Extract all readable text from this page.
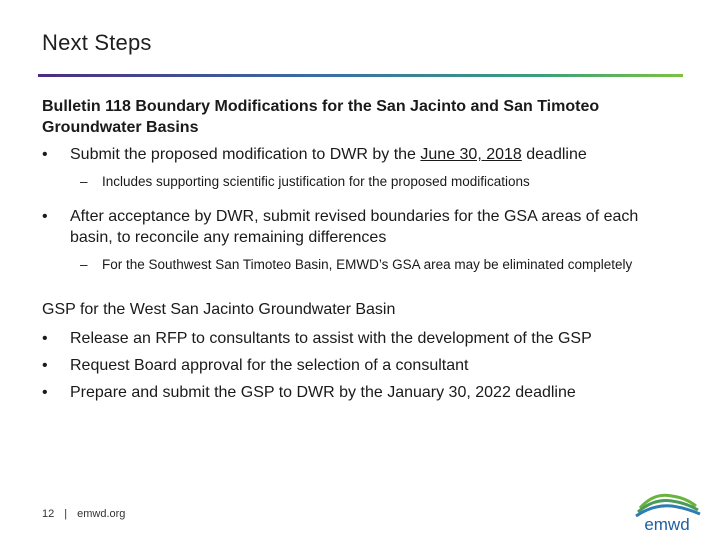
Next Steps
Bulletin 118 Boundary Modifications for the San Jacinto and San Timoteo Groundwater Basins
• Submit the proposed modification to DWR by the June 30, 2018 deadline
– Includes supporting scientific justification for the proposed modifications
• After acceptance by DWR, submit revised boundaries for the GSA areas of each basin, to reconcile any remaining differences
– For the Southwest San Timoteo Basin, EMWD’s GSA area may be eliminated completely
GSP for the West San Jacinto Groundwater Basin
• Release an RFP to consultants to assist with the development of the GSP
• Request Board approval for the selection of a consultant
• Prepare and submit the GSP to DWR by the January 30, 2022 deadline
12 | emwd.org
emwd
